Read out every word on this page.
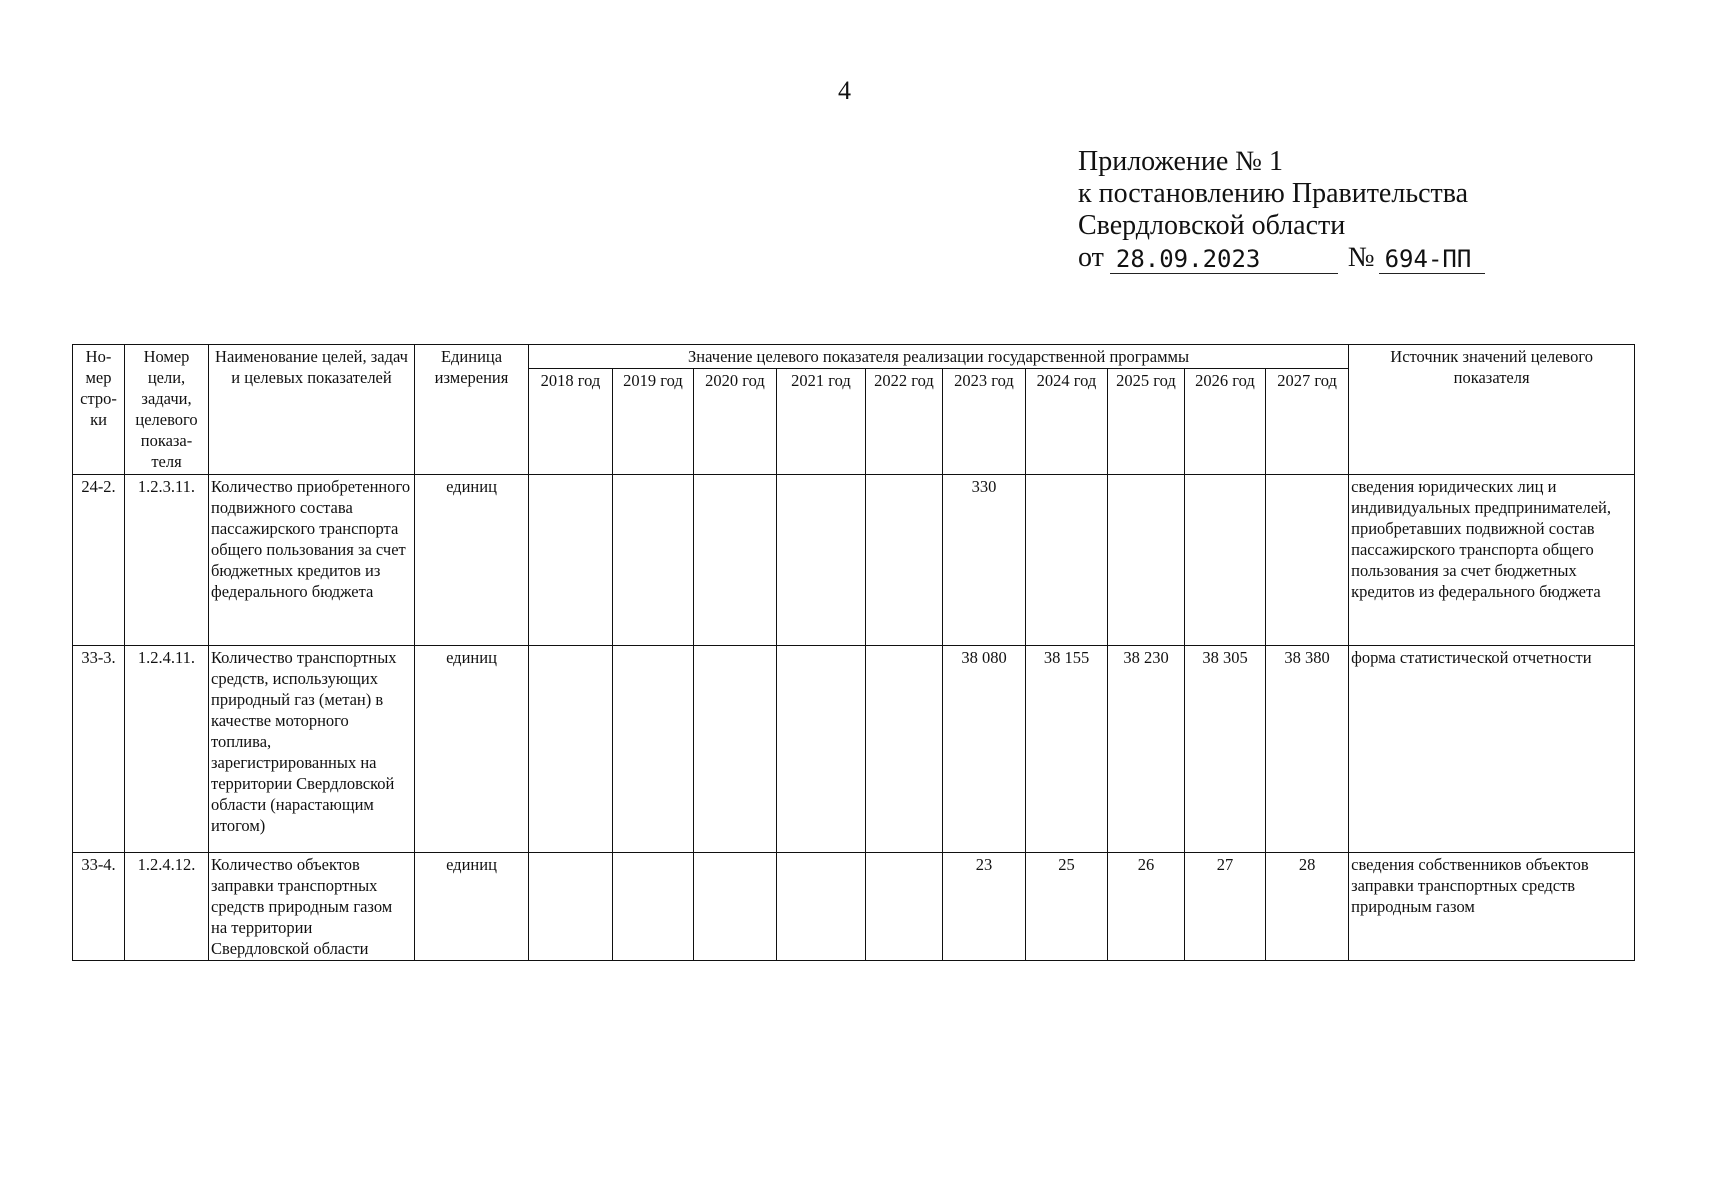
4
Приложение № 1
к постановлению Правительства
Свердловской области
от 28.09.2023	№ 694-ПП
Но-мер стро-ки	Номер цели, задачи, целевого показа-теля	Наименование целей, задач и целевых показателей	Единица измерения	Значение целевого показателя реализации государственной программы										Источник значений целевого показателя
				2018 год	2019 год	2020 год	2021 год	2022 год	2023 год	2024 год	2025 год	2026 год	2027 год	
24-2.	1.2.3.11.	Количество приобретенного подвижного состава пассажирского транспорта общего пользования за счет бюджетных кредитов из федерального бюджета	единиц						330					сведения юридических лиц и индивидуальных предпринимателей, приобретавших подвижной состав пассажирского транспорта общего пользования за счет бюджетных кредитов из федерального бюджета
33-3.	1.2.4.11.	Количество транспортных средств, использующих природный газ (метан) в качестве моторного топлива, зарегистрированных на территории Свердловской области (нарастающим итогом)	единиц						38 080	38 155	38 230	38 305	38 380	форма статистической отчетности
33-4.	1.2.4.12.	Количество объектов заправки транспортных средств природным газом на территории Свердловской области	единиц						23	25	26	27	28	сведения собственников объектов заправки транспортных средств природным газом
